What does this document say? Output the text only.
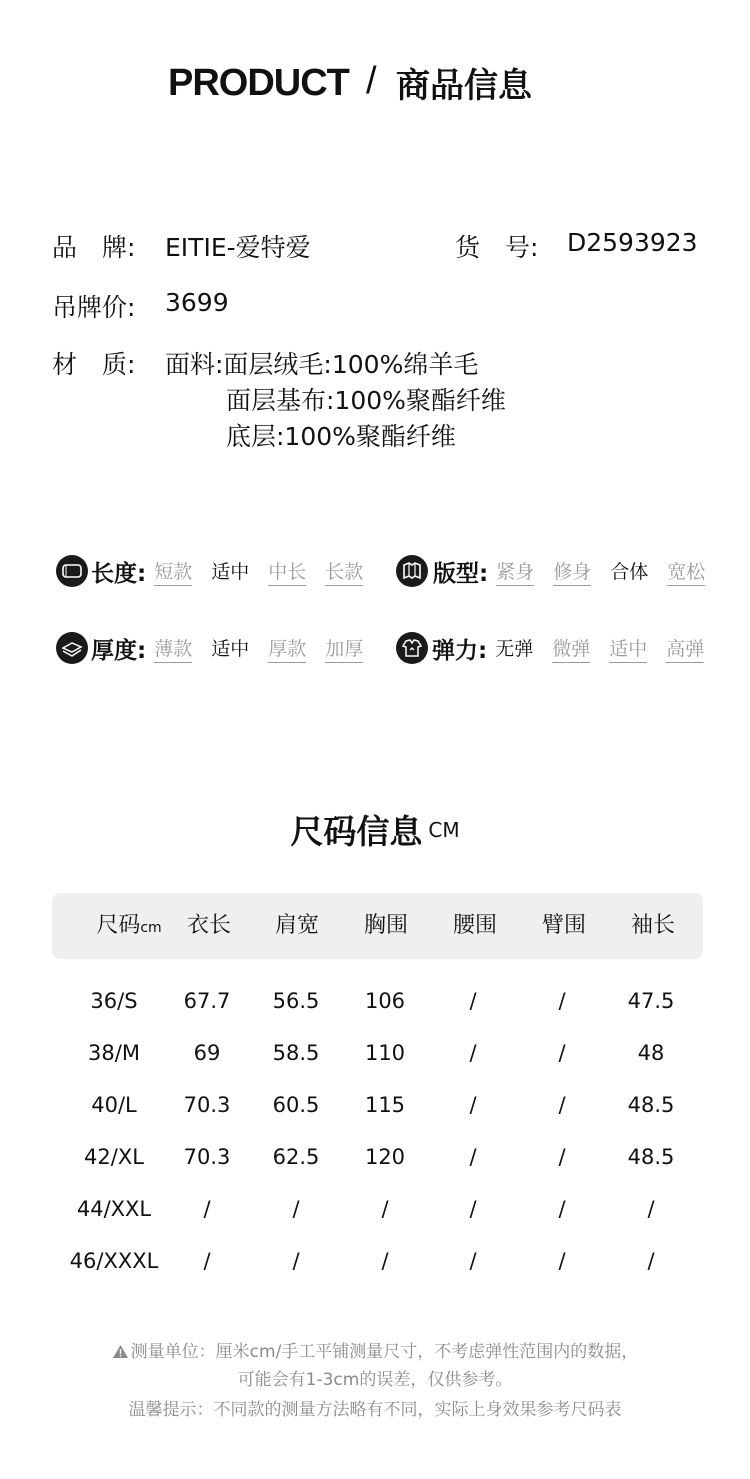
PRODUCT / 商品信息
品　牌: EITIE-爱特爱	货　号: D2593923
吊牌价: 3699
材　质: 面料:面层绒毛:100%绵羊毛
面层基布:100%聚酯纤维
底层:100%聚酯纤维
长度: 短款 适中 中长 长款	版型: 紧身 修身 合体 宽松
厚度: 薄款 适中 厚款 加厚	弹力: 无弹 微弹 适中 高弹
尺码信息 CM
尺码cm	衣长	肩宽	胸围	腰围	臂围	袖长
36/S	67.7	56.5	106	/	/	47.5
38/M	69	58.5	110	/	/	48
40/L	70.3	60.5	115	/	/	48.5
42/XL	70.3	62.5	120	/	/	48.5
44/XXL	/	/	/	/	/	/
46/XXXL	/	/	/	/	/	/
测量单位：厘米cm/手工平铺测量尺寸，不考虑弹性范围内的数据，
可能会有1-3cm的误差，仅供参考。
温馨提示：不同款的测量方法略有不同，实际上身效果参考尺码表
